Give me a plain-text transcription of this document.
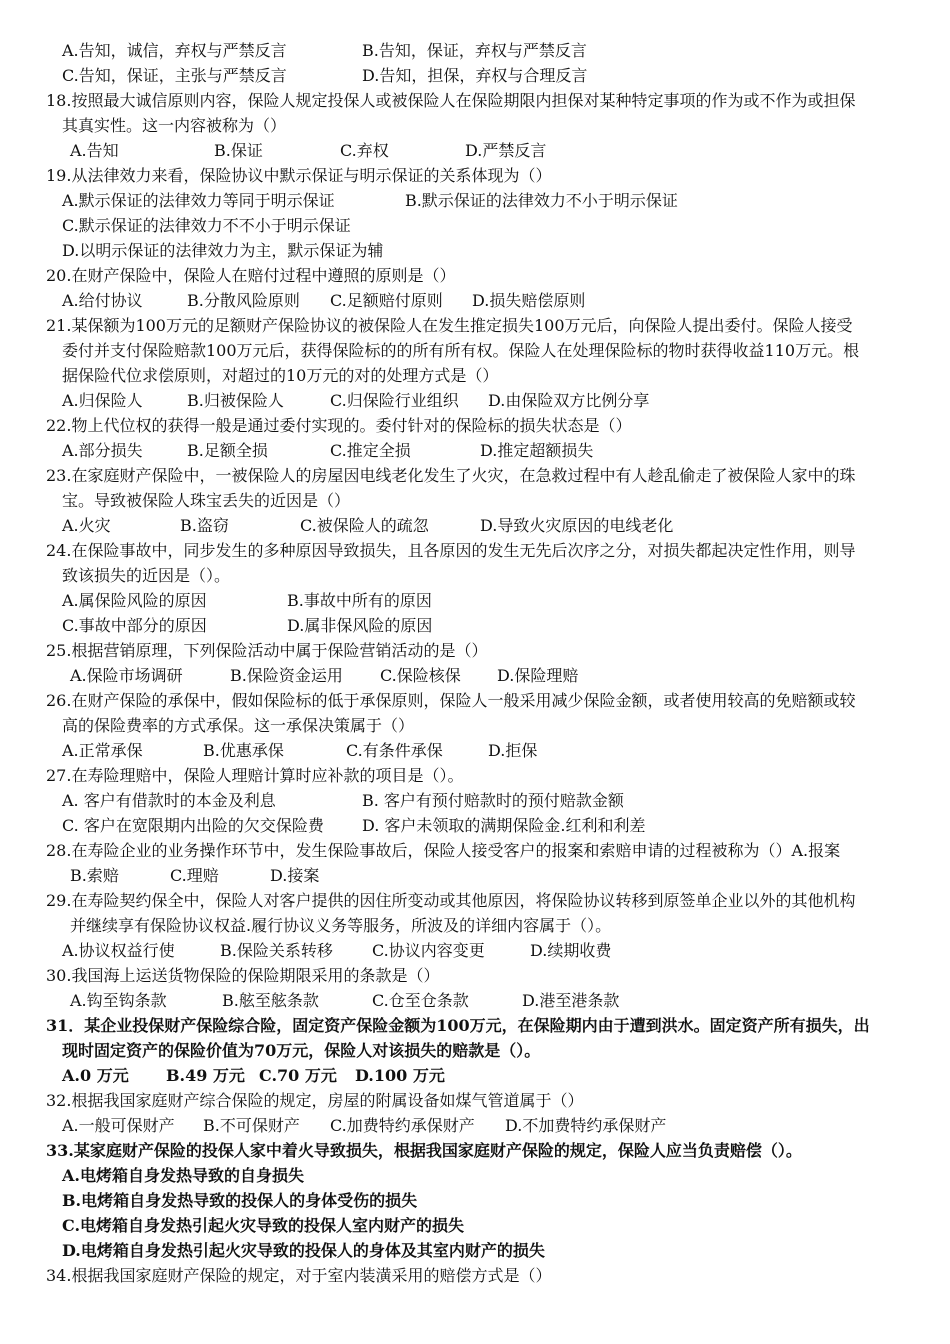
A.告知，诚信，弃权与严禁反言	B.告知，保证，弃权与严禁反言
C.告知，保证，主张与严禁反言	D.告知，担保，弃权与合理反言
18.按照最大诚信原则内容，保险人规定投保人或被保险人在保险期限内担保对某种特定事项的作为或不作为或担保
其真实性。这一内容被称为（）
A.告知	B.保证	C.弃权	D.严禁反言
19.从法律效力来看，保险协议中默示保证与明示保证的关系体现为（）
A.默示保证的法律效力等同于明示保证	B.默示保证的法律效力不小于明示保证
C.默示保证的法律效力不不小于明示保证
D.以明示保证的法律效力为主，默示保证为辅
20.在财产保险中，保险人在赔付过程中遵照的原则是（）
A.给付协议	B.分散风险原则 C.足额赔付原则 D.损失赔偿原则
21.某保额为100万元的足额财产保险协议的被保险人在发生推定损失100万元后，向保险人提出委付。保险人接受
委付并支付保险赔款100万元后，获得保险标的的所有所有权。保险人在处理保险标的物时获得收益110万元。根
据保险代位求偿原则，对超过的10万元的对的处理方式是（）
A.归保险人	B.归被保险人	C.归保险行业组织 D.由保险双方比例分享
22.物上代位权的获得一般是通过委付实现的。委付针对的保险标的损失状态是（）
A.部分损失	B.足额全损	C.推定全损	D.推定超额损失
23.在家庭财产保险中，一被保险人的房屋因电线老化发生了火灾，在急救过程中有人趁乱偷走了被保险人家中的珠
宝。导致被保险人珠宝丢失的近因是（）
A.火灾	B.盗窃	C.被保险人的疏忽	D.导致火灾原因的电线老化
24.在保险事故中，同步发生的多种原因导致损失，且各原因的发生无先后次序之分，对损失都起决定性作用，则导
致该损失的近因是（）。
A.属保险风险的原因	B.事故中所有的原因
C.事故中部分的原因	D.属非保风险的原因
25.根据营销原理，下列保险活动中属于保险营销活动的是（）
A.保险市场调研	B.保险资金运用 C.保险核保 D.保险理赔
26.在财产保险的承保中，假如保险标的低于承保原则，保险人一般采用减少保险金额，或者使用较高的免赔额或较
高的保险费率的方式承保。这一承保决策属于（）
A.正常承保	B.优惠承保	C.有条件承保	D.拒保
27.在寿险理赔中，保险人理赔计算时应补款的项目是（）。
A. 客户有借款时的本金及利息	B. 客户有预付赔款时的预付赔款金额
C. 客户在宽限期内出险的欠交保险费 D. 客户未领取的满期保险金.红利和利差
28.在寿险企业的业务操作环节中，发生保险事故后，保险人接受客户的报案和索赔申请的过程被称为（）A.报案
B.索赔	C.理赔	D.接案
29.在寿险契约保全中，保险人对客户提供的因住所变动或其他原因，将保险协议转移到原签单企业以外的其他机构
并继续享有保险协议权益.履行协议义务等服务，所波及的详细内容属于（）。
A.协议权益行使	B.保险关系转移 C.协议内容变更	D.续期收费
30.我国海上运送货物保险的保险期限采用的条款是（）
A.钩至钩条款	B.舷至舷条款	C.仓至仓条款	D.港至港条款
31．某企业投保财产保险综合险，固定资产保险金额为100万元，在保险期内由于遭到洪水。固定资产所有损失，出
现时固定资产的保险价值为70万元，保险人对该损失的赔款是（）。
A.0 万元 B.49 万元 C.70 万元 D.100 万元
32.根据我国家庭财产综合保险的规定，房屋的附属设备如煤气管道属于（）
A.一般可保财产 B.不可保财产 C.加费特约承保财产 D.不加费特约承保财产
33.某家庭财产保险的投保人家中着火导致损失，根据我国家庭财产保险的规定，保险人应当负责赔偿（）。
A.电烤箱自身发热导致的自身损失
B.电烤箱自身发热导致的投保人的身体受伤的损失
C.电烤箱自身发热引起火灾导致的投保人室内财产的损失
D.电烤箱自身发热引起火灾导致的投保人的身体及其室内财产的损失
34.根据我国家庭财产保险的规定，对于室内装潢采用的赔偿方式是（）
